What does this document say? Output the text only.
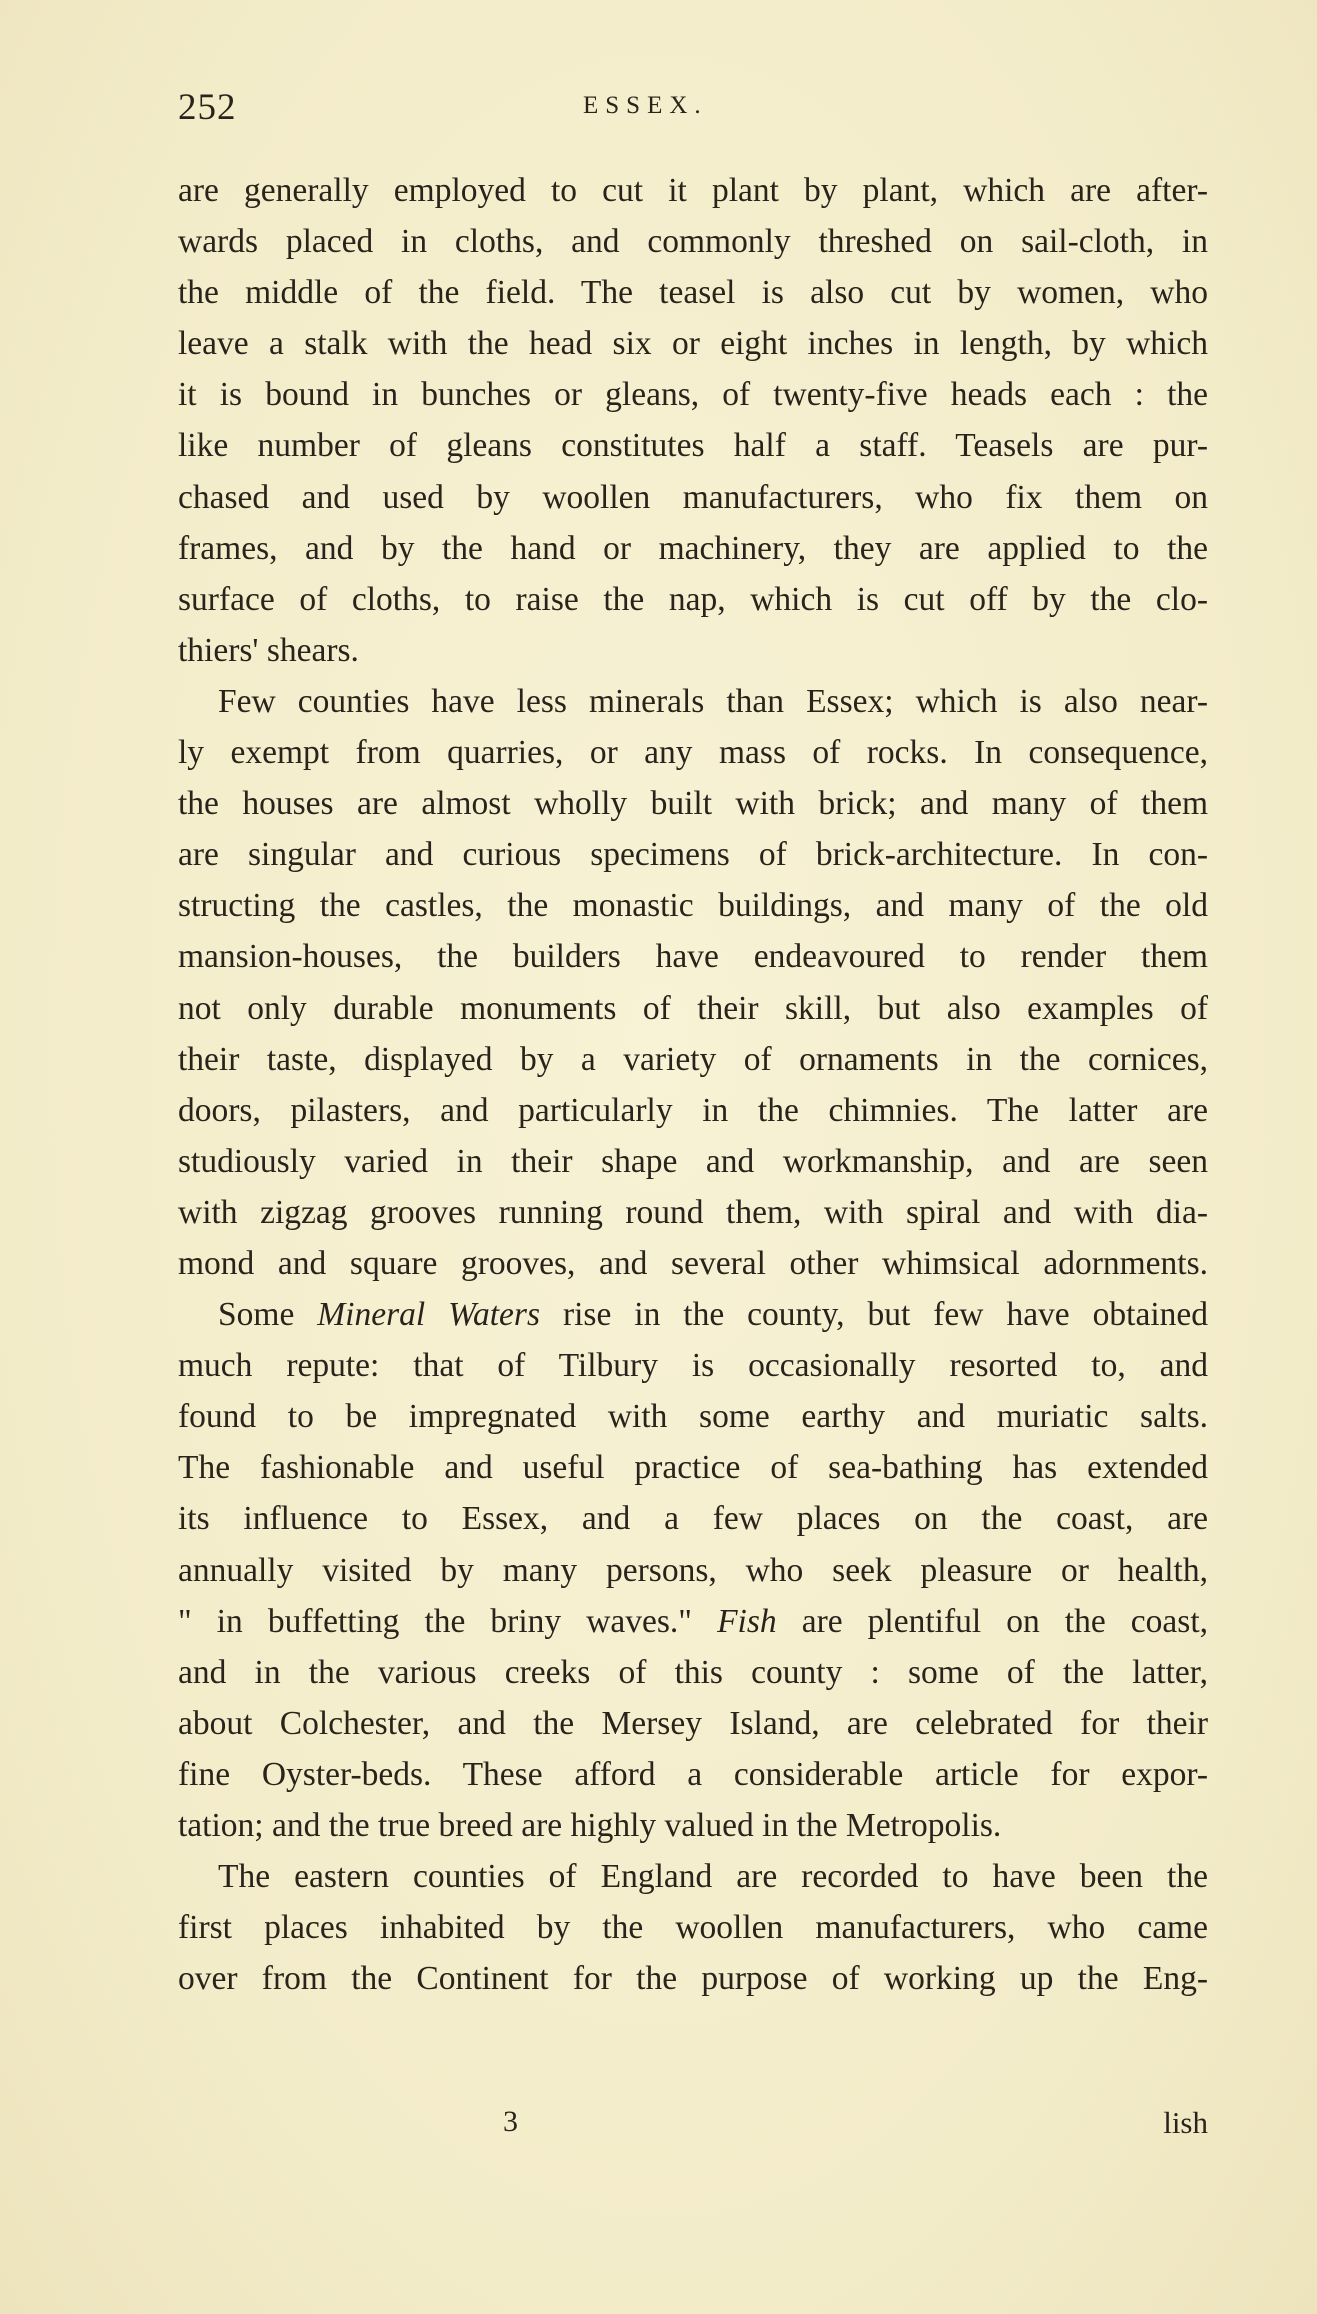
252	ESSEX.
are generally employed to cut it plant by plant, which are after-
wards placed in cloths, and commonly threshed on sail-cloth, in
the middle of the field. The teasel is also cut by women, who
leave a stalk with the head six or eight inches in length, by which
it is bound in bunches or gleans, of twenty-five heads each : the
like number of gleans constitutes half a staff. Teasels are pur-
chased and used by woollen manufacturers, who fix them on
frames, and by the hand or machinery, they are applied to the
surface of cloths, to raise the nap, which is cut off by the clo-
thiers' shears.
Few counties have less minerals than Essex; which is also near-
ly exempt from quarries, or any mass of rocks. In consequence,
the houses are almost wholly built with brick; and many of them
are singular and curious specimens of brick-architecture. In con-
structing the castles, the monastic buildings, and many of the old
mansion-houses, the builders have endeavoured to render them
not only durable monuments of their skill, but also examples of
their taste, displayed by a variety of ornaments in the cornices,
doors, pilasters, and particularly in the chimnies. The latter are
studiously varied in their shape and workmanship, and are seen
with zigzag grooves running round them, with spiral and with dia-
mond and square grooves, and several other whimsical adornments.
Some Mineral Waters rise in the county, but few have obtained
much repute: that of Tilbury is occasionally resorted to, and
found to be impregnated with some earthy and muriatic salts.
The fashionable and useful practice of sea-bathing has extended
its influence to Essex, and a few places on the coast, are
annually visited by many persons, who seek pleasure or health,
" in buffetting the briny waves." Fish are plentiful on the coast,
and in the various creeks of this county : some of the latter,
about Colchester, and the Mersey Island, are celebrated for their
fine Oyster-beds. These afford a considerable article for expor-
tation; and the true breed are highly valued in the Metropolis.
The eastern counties of England are recorded to have been the
first places inhabited by the woollen manufacturers, who came
over from the Continent for the purpose of working up the Eng-
3	lish
